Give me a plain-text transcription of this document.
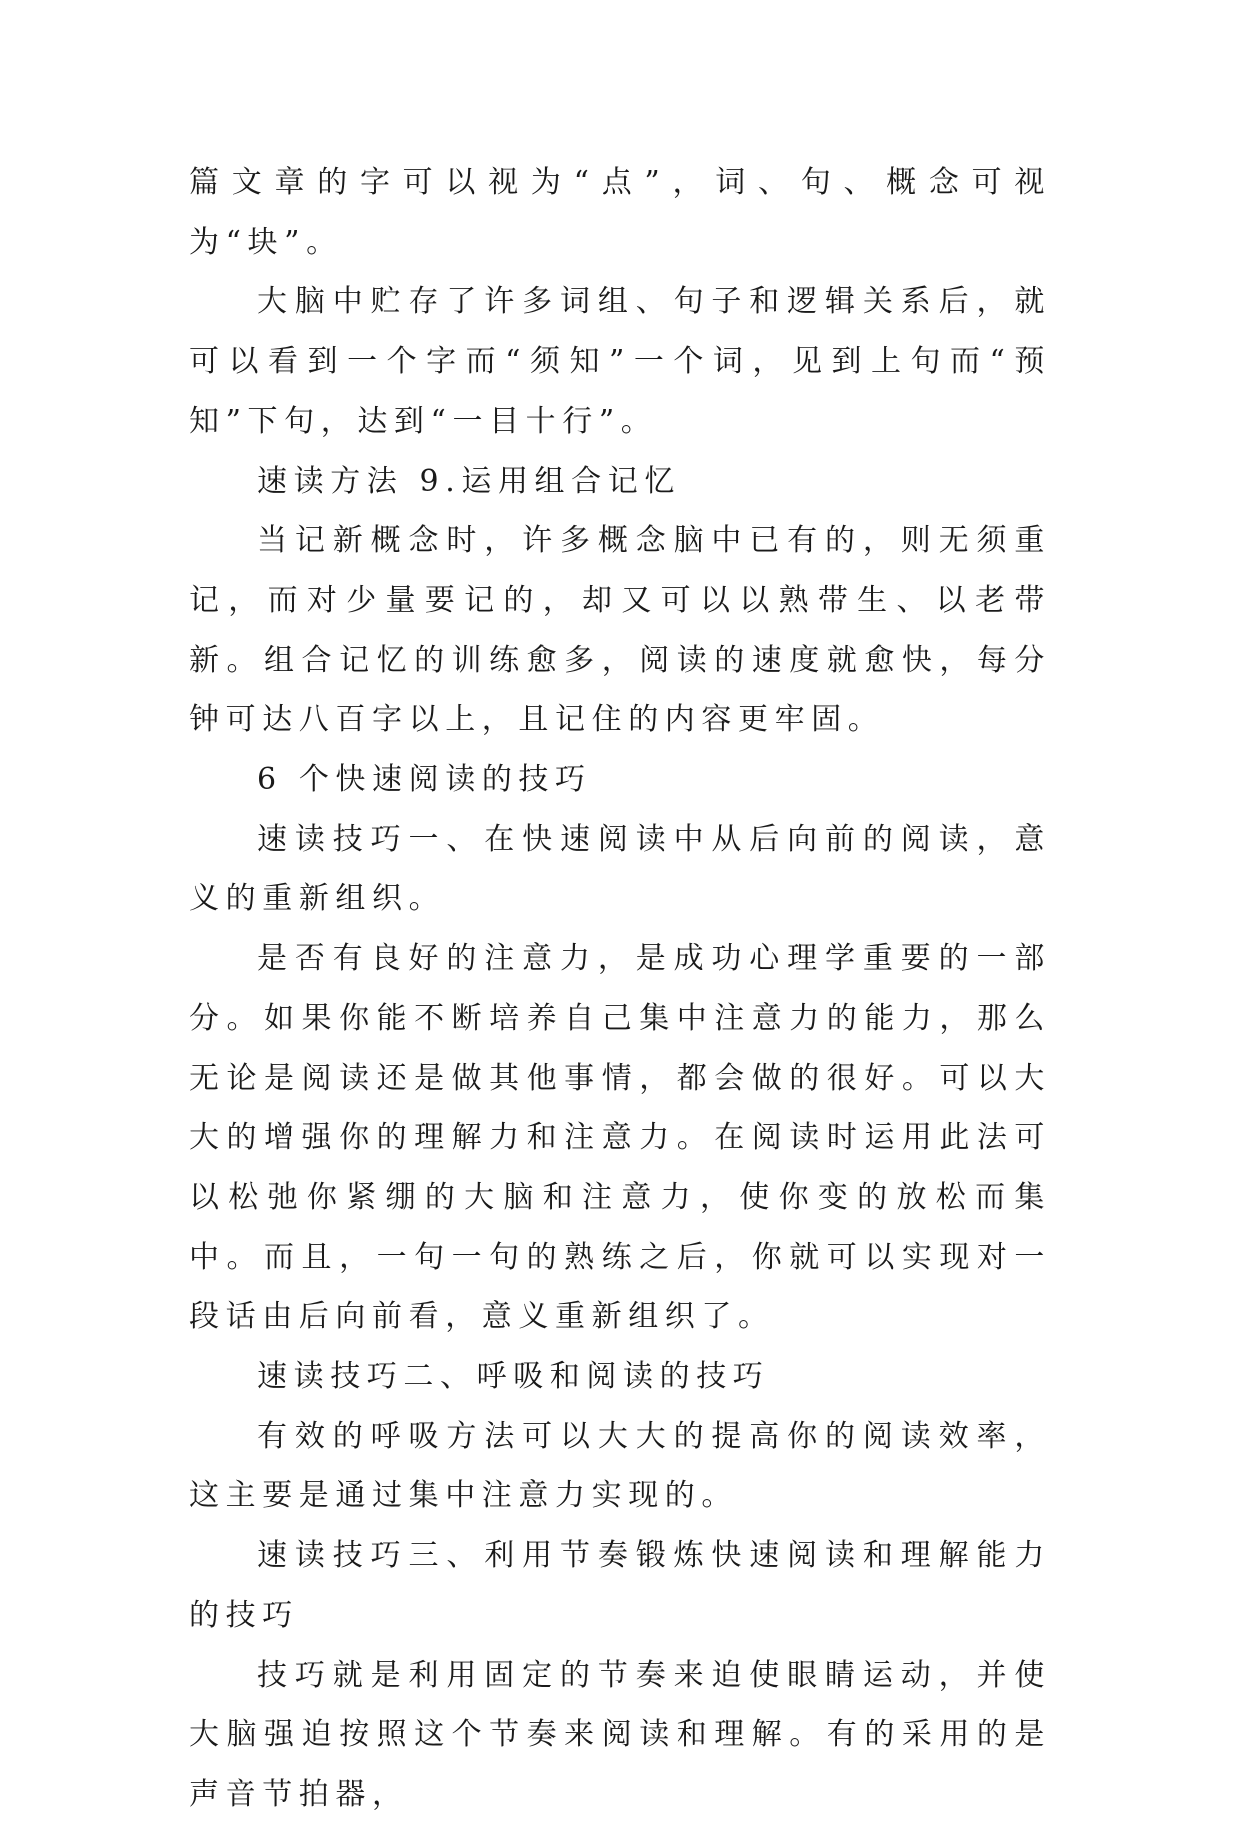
篇文章的字可以视为“点”，词、句、概念可视为“块”。

大脑中贮存了许多词组、句子和逻辑关系后，就可以看到一个字而“须知”一个词，见到上句而“预知”下句，达到“一目十行”。

速读方法 9.运用组合记忆

当记新概念时，许多概念脑中已有的，则无须重记，而对少量要记的，却又可以以熟带生、以老带新。组合记忆的训练愈多，阅读的速度就愈快，每分钟可达八百字以上，且记住的内容更牢固。

6 个快速阅读的技巧

速读技巧一、在快速阅读中从后向前的阅读，意义的重新组织。

是否有良好的注意力，是成功心理学重要的一部分。如果你能不断培养自己集中注意力的能力，那么无论是阅读还是做其他事情，都会做的很好。可以大大的增强你的理解力和注意力。在阅读时运用此法可以松弛你紧绷的大脑和注意力，使你变的放松而集中。而且，一句一句的熟练之后，你就可以实现对一段话由后向前看，意义重新组织了。

速读技巧二、呼吸和阅读的技巧

有效的呼吸方法可以大大的提高你的阅读效率，这主要是通过集中注意力实现的。

速读技巧三、利用节奏锻炼快速阅读和理解能力的技巧

技巧就是利用固定的节奏来迫使眼睛运动，并使大脑强迫按照这个节奏来阅读和理解。有的采用的是声音节拍器，
